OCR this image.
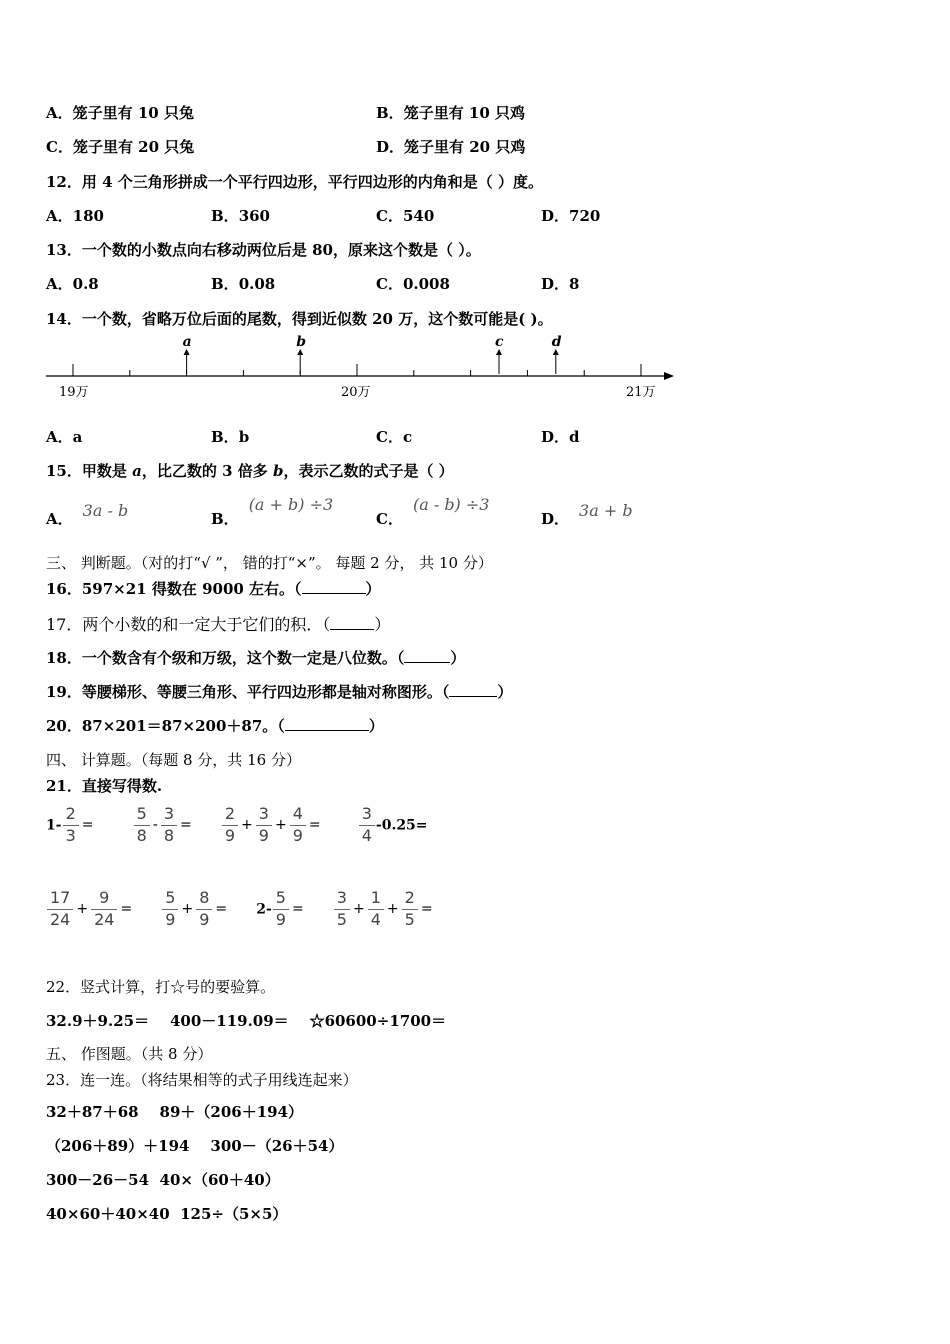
A．笼子里有 10 只兔	B．笼子里有 10 只鸡
C．笼子里有 20 只兔	D．笼子里有 20 只鸡
12．用 4 个三角形拼成一个平行四边形，平行四边形的内角和是（ ）度。
A．180	B．360	C．540	D．720
13．一个数的小数点向右移动两位后是 80，原来这个数是（ ）。
A．0.8	B．0.08	C．0.008	D．8
14．一个数，省略万位后面的尾数，得到近似数 20 万，这个数可能是( )。
a	b	c	d
19万	20万	21万
A．a	B．b	C．c	D．d
15．甲数是 a，比乙数的 3 倍多 b，表示乙数的式子是（ ）
A． 3a - b	B．(a + b) ÷3
C．(a - b) ÷3
D． 3a + b
三、 判断题。（对的打“√ ”， 错的打“×”。 每题 2 分， 共 10 分）
16．597×21 得数在 9000 左右。（	）
17．两个小数的和一定大于它们的积．（	）
18．一个数含有个级和万级，这个数一定是八位数。（	）
19．等腰梯形、等腰三角形、平行四边形都是轴对称图形。（	）
20．87×201＝87×200＋87。（	）
四、 计算题。（每题 8 分，共 16 分）
21．直接写得数.
$1- \frac{2}{3}$ =	$\frac{5}{8} - \frac{3}{8} = \frac{2}{9} + \frac{3}{9} + \frac{4}{9} = \frac{3}{4} -0.25=$
$\frac{17}{24} + \frac{9}{24} = \frac{5}{9} + \frac{8}{9} = 2- \frac{5}{9} = \frac{3}{5} + \frac{1}{4} + \frac{2}{5}$ =
22．竖式计算，打☆号的要验算。
32.9＋9.25＝    400－119.09＝    ☆60600÷1700＝
五、 作图题。（共 8 分）
23．连一连。（将结果相等的式子用线连起来）
32＋87＋68    89＋（206＋194）
（206＋89）＋194    300－（26＋54）
300－26－54  40×（60＋40）
40×60＋40×40  125÷（5×5）
